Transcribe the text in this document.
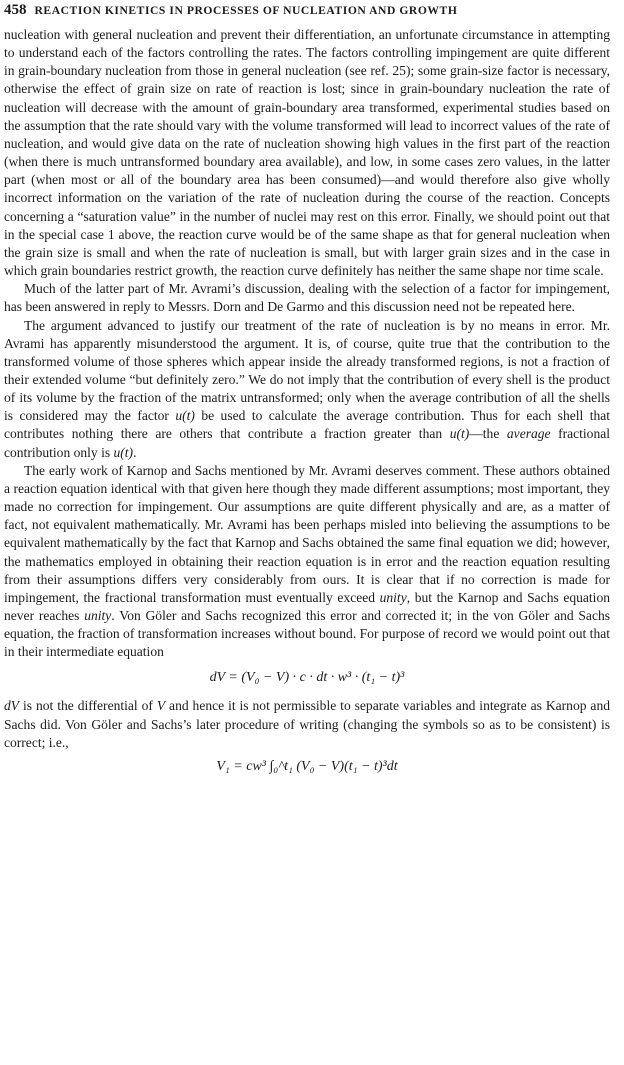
458 REACTION KINETICS IN PROCESSES OF NUCLEATION AND GROWTH

nucleation with general nucleation and prevent their differentiation, an unfortunate circumstance in attempting to understand each of the factors controlling the rates. The factors controlling impingement are quite different in grain-boundary nucleation from those in general nucleation (see ref. 25); some grain-size factor is necessary, otherwise the effect of grain size on rate of reaction is lost; since in grain-boundary nucleation the rate of nucleation will decrease with the amount of grain-boundary area transformed, experimental studies based on the assumption that the rate should vary with the volume transformed will lead to incorrect values of the rate of nucleation, and would give data on the rate of nucleation showing high values in the first part of the reaction (when there is much untransformed boundary area available), and low, in some cases zero values, in the latter part (when most or all of the boundary area has been consumed)—and would therefore also give wholly incorrect information on the variation of the rate of nucleation during the course of the reaction. Concepts concerning a “saturation value” in the number of nuclei may rest on this error. Finally, we should point out that in the special case 1 above, the reaction curve would be of the same shape as that for general nucleation when the grain size is small and when the rate of nucleation is small, but with larger grain sizes and in the case in which grain boundaries restrict growth, the reaction curve definitely has neither the same shape nor time scale.

Much of the latter part of Mr. Avrami’s discussion, dealing with the selection of a factor for impingement, has been answered in reply to Messrs. Dorn and De Garmo and this discussion need not be repeated here.

The argument advanced to justify our treatment of the rate of nucleation is by no means in error. Mr. Avrami has apparently misunderstood the argument. It is, of course, quite true that the contribution to the transformed volume of those spheres which appear inside the already transformed regions, is not a fraction of their extended volume “but definitely zero.” We do not imply that the contribution of every shell is the product of its volume by the fraction of the matrix untransformed; only when the average contribution of all the shells is considered may the factor u(t) be used to calculate the average contribution. Thus for each shell that contributes nothing there are others that contribute a fraction greater than u(t)—the average fractional contribution only is u(t).

The early work of Karnop and Sachs mentioned by Mr. Avrami deserves comment. These authors obtained a reaction equation identical with that given here though they made different assumptions; most important, they made no correction for impingement. Our assumptions are quite different physically and are, as a matter of fact, not equivalent mathematically. Mr. Avrami has been perhaps misled into believing the assumptions to be equivalent mathematically by the fact that Karnop and Sachs obtained the same final equation we did; however, the mathematics employed in obtaining their reaction equation is in error and the reaction equation resulting from their assumptions differs very considerably from ours. It is clear that if no correction is made for impingement, the fractional transformation must eventually exceed unity, but the Karnop and Sachs equation never reaches unity. Von Göler and Sachs recognized this error and corrected it; in the von Göler and Sachs equation, the fraction of transformation increases without bound. For purpose of record we would point out that in their intermediate equation

dV = (V₀ − V) · c · dt · w³ · (t₁ − t)³

dV is not the differential of V and hence it is not permissible to separate variables and integrate as Karnop and Sachs did. Von Göler and Sachs’s later procedure of writing (changing the symbols so as to be consistent) is correct; i.e.,

V₁ = cw³ ∫₀^t₁ (V₀ − V)(t₁ − t)³dt
